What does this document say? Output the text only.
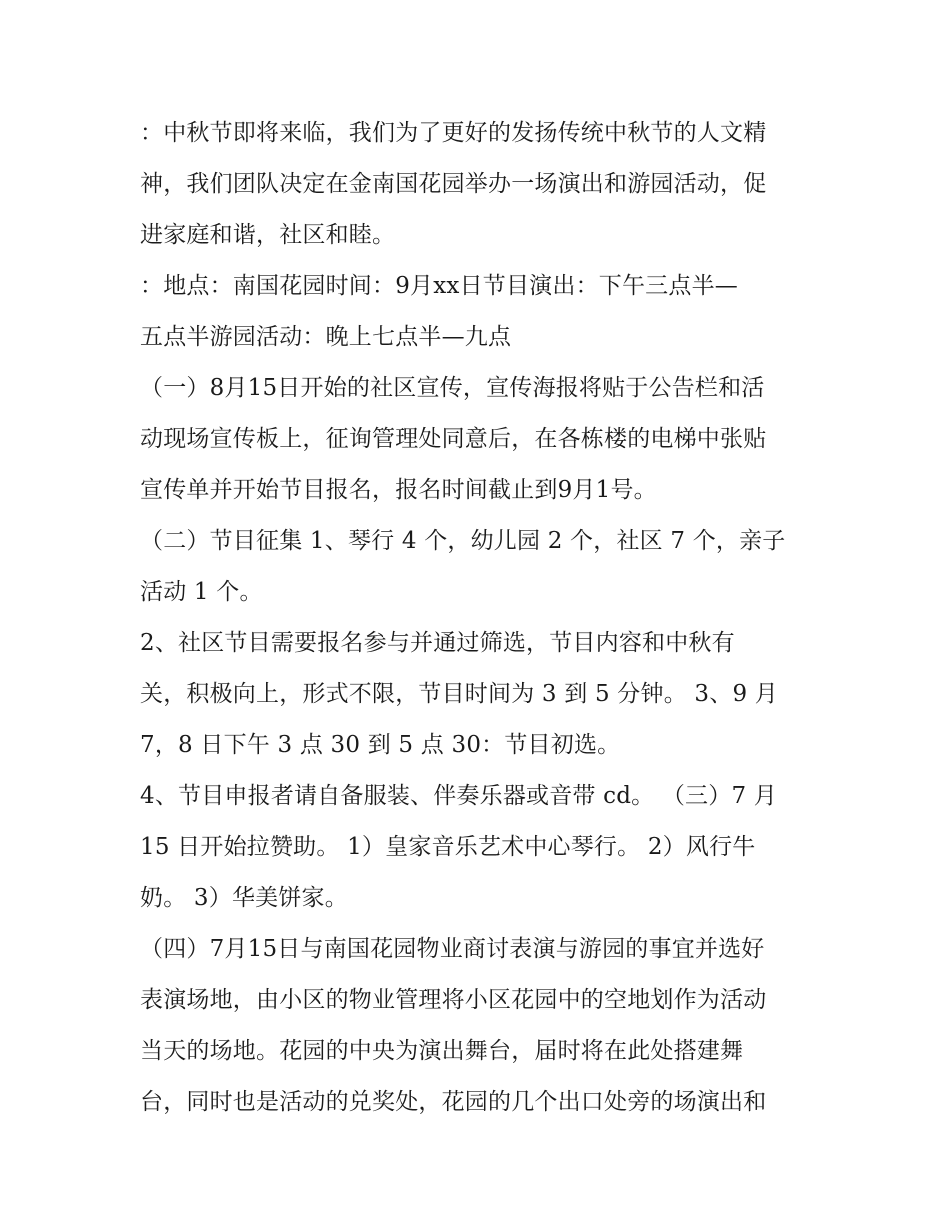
：中秋节即将来临，我们为了更好的发扬传统中秋节的人文精
神，我们团队决定在金南国花园举办一场演出和游园活动，促
进家庭和谐，社区和睦。
：地点：南国花园时间：9月xx日节目演出：下午三点半—
五点半游园活动：晚上七点半—九点
（一）8月15日开始的社区宣传，宣传海报将贴于公告栏和活
动现场宣传板上，征询管理处同意后，在各栋楼的电梯中张贴
宣传单并开始节目报名，报名时间截止到9月1号。
（二）节目征集 1、琴行 4 个，幼儿园 2 个，社区 7 个，亲子
活动 1 个。
2、社区节目需要报名参与并通过筛选，节目内容和中秋有
关，积极向上，形式不限，节目时间为 3 到 5 分钟。 3、9 月
7，8 日下午 3 点 30 到 5 点 30：节目初选。
4、节目申报者请自备服装、伴奏乐器或音带 cd。 （三）7 月
15 日开始拉赞助。 1）皇家音乐艺术中心琴行。 2）风行牛
奶。 3）华美饼家。
（四）7月15日与南国花园物业商讨表演与游园的事宜并选好
表演场地，由小区的物业管理将小区花园中的空地划作为活动
当天的场地。花园的中央为演出舞台，届时将在此处搭建舞
台，同时也是活动的兑奖处，花园的几个出口处旁的场演出和
